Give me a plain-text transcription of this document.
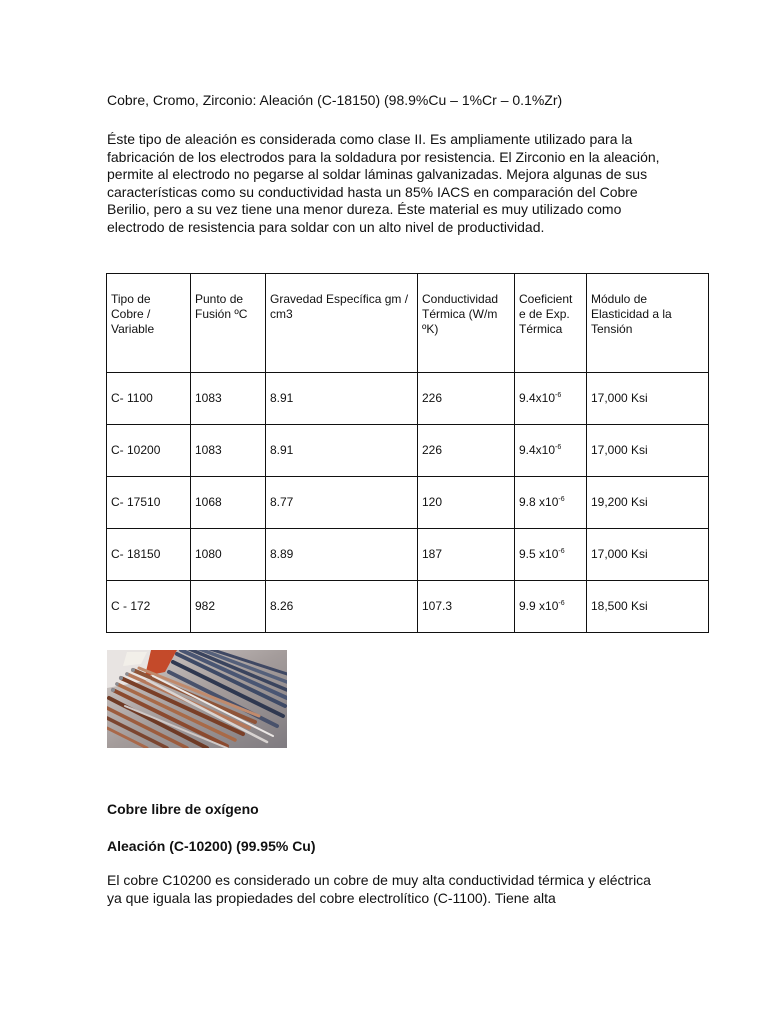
Cobre, Cromo, Zirconio: Aleación (C-18150) (98.9%Cu – 1%Cr – 0.1%Zr)

Éste tipo de aleación es considerada como clase II. Es ampliamente utilizado para la fabricación de los electrodos para la soldadura por resistencia. El Zirconio en la aleación, permite al electrodo no pegarse al soldar láminas galvanizadas. Mejora algunas de sus características como su conductividad hasta un 85% IACS en comparación del Cobre Berilio, pero a su vez tiene una menor dureza. Éste material es muy utilizado como electrodo de resistencia para soldar con un alto nivel de productividad.

Tipo de Cobre / Variable	Punto de Fusión ºC	Gravedad Específica gm / cm3	Conductividad Térmica (W/m ºK)	Coeficient e de Exp. Térmica	Módulo de Elasticidad a la Tensión
C- 1100	1083	8.91	226	$9.4x10^{-6}$	17,000 Ksi
C- 10200	1083	8.91	226	$9.4x10^{-6}$	17,000 Ksi
C- 17510	1068	8.77	120	9.8 $x10^{-6}$	19,200 Ksi
C- 18150	1080	8.89	187	9.5 $x10^{-6}$	17,000 Ksi
C - 172	982	8.26	107.3	9.9 $x10^{-6}$	18,500 Ksi
Cobre libre de oxígeno
Aleación (C-10200) (99.95% Cu)

El cobre C10200 es considerado un cobre de muy alta conductividad térmica y eléctrica ya que iguala las propiedades del cobre electrolítico (C-1100). Tiene alta
